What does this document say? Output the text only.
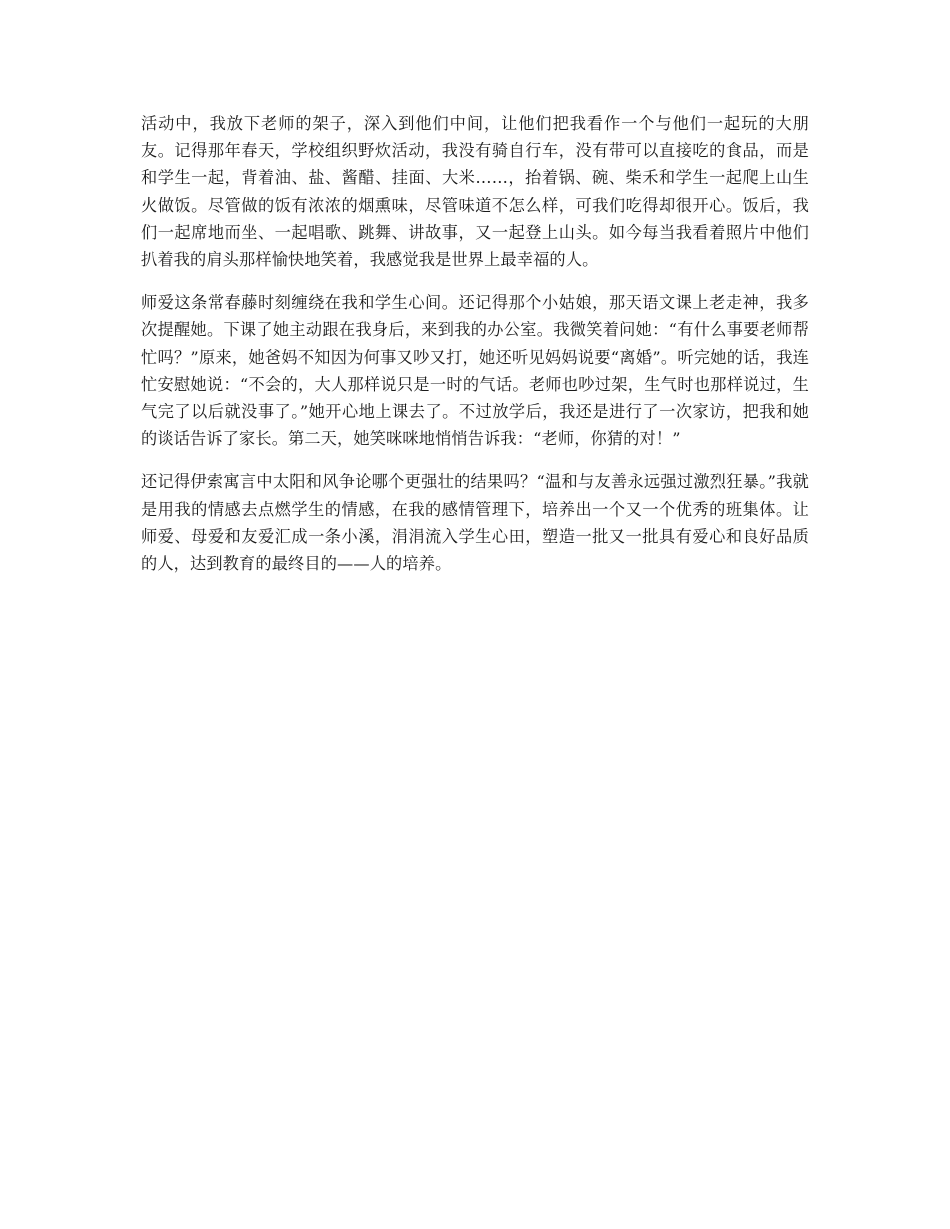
活动中，我放下老师的架子，深入到他们中间，让他们把我看作一个与他们一起玩的大朋友。记得那年春天，学校组织野炊活动，我没有骑自行车，没有带可以直接吃的食品，而是和学生一起，背着油、盐、酱醋、挂面、大米……，抬着锅、碗、柴禾和学生一起爬上山生火做饭。尽管做的饭有浓浓的烟熏味，尽管味道不怎么样，可我们吃得却很开心。饭后，我们一起席地而坐、一起唱歌、跳舞、讲故事，又一起登上山头。如今每当我看着照片中他们扒着我的肩头那样愉快地笑着，我感觉我是世界上最幸福的人。

师爱这条常春藤时刻缠绕在我和学生心间。还记得那个小姑娘，那天语文课上老走神，我多次提醒她。下课了她主动跟在我身后，来到我的办公室。我微笑着问她：“有什么事要老师帮忙吗？”原来，她爸妈不知因为何事又吵又打，她还听见妈妈说要“离婚”。听完她的话，我连忙安慰她说：“不会的，大人那样说只是一时的气话。老师也吵过架，生气时也那样说过，生气完了以后就没事了。”她开心地上课去了。不过放学后，我还是进行了一次家访，把我和她的谈话告诉了家长。第二天，她笑咪咪地悄悄告诉我：“老师，你猜的对！”

还记得伊索寓言中太阳和风争论哪个更强壮的结果吗？“温和与友善永远强过激烈狂暴。”我就是用我的情感去点燃学生的情感，在我的感情管理下，培养出一个又一个优秀的班集体。让师爱、母爱和友爱汇成一条小溪，涓涓流入学生心田，塑造一批又一批具有爱心和良好品质的人，达到教育的最终目的——人的培养。
